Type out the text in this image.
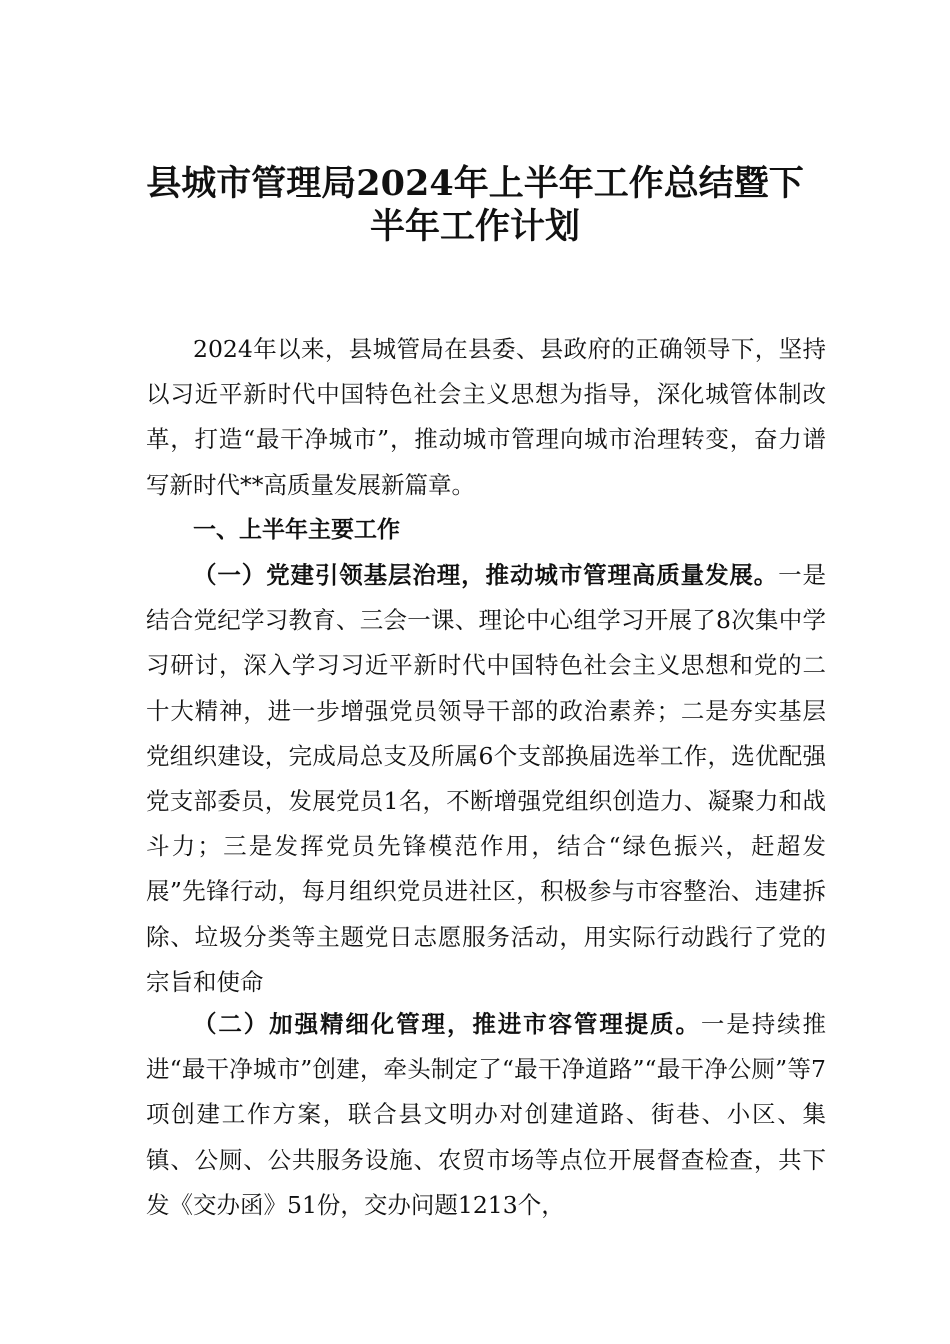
县城市管理局2024年上半年工作总结暨下
半年工作计划

2024年以来，县城管局在县委、县政府的正确领导下，坚持以习近平新时代中国特色社会主义思想为指导，深化城管体制改革，打造“最干净城市”，推动城市管理向城市治理转变，奋力谱写新时代**高质量发展新篇章。

一、上半年主要工作

（一）党建引领基层治理，推动城市管理高质量发展。一是结合党纪学习教育、三会一课、理论中心组学习开展了8次集中学习研讨，深入学习习近平新时代中国特色社会主义思想和党的二十大精神，进一步增强党员领导干部的政治素养；二是夯实基层党组织建设，完成局总支及所属6个支部换届选举工作，选优配强党支部委员，发展党员1名，不断增强党组织创造力、凝聚力和战斗力；三是发挥党员先锋模范作用，结合“绿色振兴，赶超发展”先锋行动，每月组织党员进社区，积极参与市容整治、违建拆除、垃圾分类等主题党日志愿服务活动，用实际行动践行了党的宗旨和使命

（二）加强精细化管理，推进市容管理提质。一是持续推进“最干净城市”创建，牵头制定了“最干净道路”“最干净公厕”等7项创建工作方案，联合县文明办对创建道路、街巷、小区、集镇、公厕、公共服务设施、农贸市场等点位开展督查检查，共下发《交办函》51份，交办问题1213个，
